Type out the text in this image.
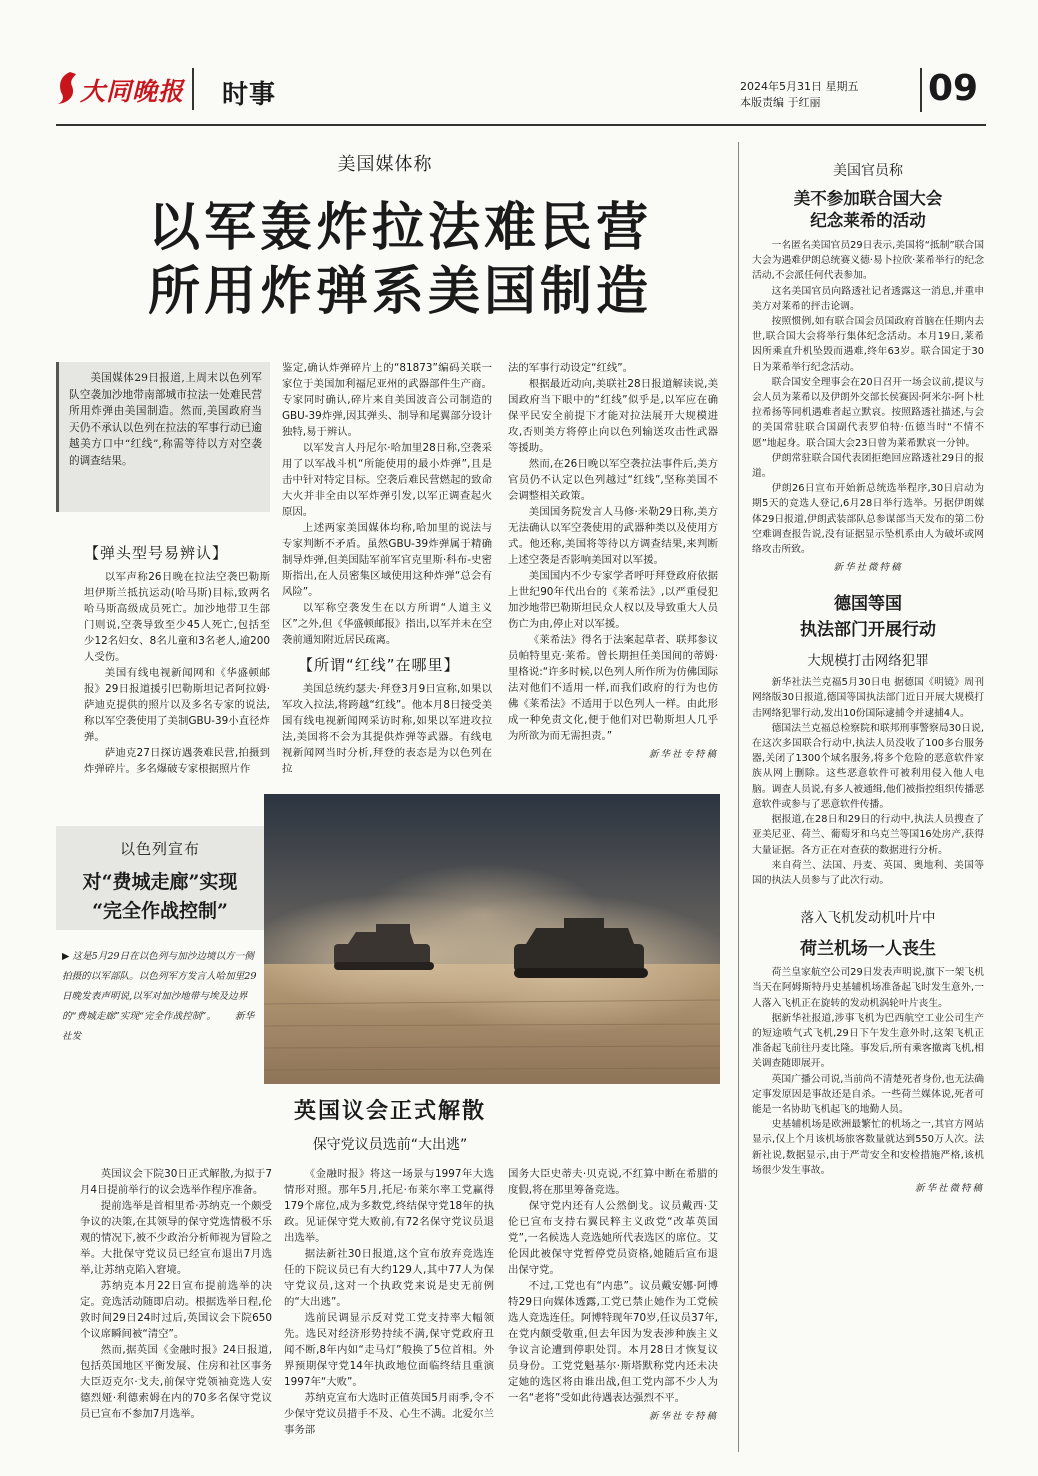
大同晚报 时事	2024年5月31日 星期五
本版责编 于红丽	09
美国媒体称
以军轰炸拉法难民营
所用炸弹系美国制造

美国媒体29日报道,上周末以色列军队空袭加沙地带南部城市拉法一处难民营所用炸弹由美国制造。然而,美国政府当天仍不承认以色列在拉法的军事行动已逾越美方口中“红线”,称需等待以方对空袭的调查结果。

【弹头型号易辨认】

以军声称26日晚在拉法空袭巴勒斯坦伊斯兰抵抗运动(哈马斯)目标,致两名哈马斯高级成员死亡。加沙地带卫生部门则说,空袭导致至少45人死亡,包括至少12名妇女、8名儿童和3名老人,逾200人受伤。

美国有线电视新闻网和《华盛顿邮报》29日报道援引巴勒斯坦记者阿拉姆·萨迪克提供的照片以及多名专家的说法,称以军空袭使用了美制GBU-39小直径炸弹。

萨迪克27日探访遇袭难民营,拍摄到炸弹碎片。多名爆破专家根据照片作

鉴定,确认炸弹碎片上的“81873”编码关联一家位于美国加利福尼亚州的武器部件生产商。专家同时确认,碎片来自美国波音公司制造的GBU-39炸弹,因其弹头、制导和尾翼部分设计独特,易于辨认。

以军发言人丹尼尔·哈加里28日称,空袭采用了以军战斗机“所能使用的最小炸弹”,且是击中针对特定目标。空袭后难民营燃起的致命大火并非全由以军炸弹引发,以军正调查起火原因。

上述两家美国媒体均称,哈加里的说法与专家判断不矛盾。虽然GBU-39炸弹属于精确制导炸弹,但美国陆军前军官克里斯·科布-史密斯指出,在人员密集区域使用这种炸弹“总会有风险”。

以军称空袭发生在以方所谓“人道主义区”之外,但《华盛顿邮报》指出,以军并未在空袭前通知附近居民疏离。

【所谓“红线”在哪里】

美国总统约瑟夫·拜登3月9日宣称,如果以军攻入拉法,将跨越“红线”。他本月8日接受美国有线电视新闻网采访时称,如果以军进攻拉法,美国将不会为其提供炸弹等武器。有线电视新闻网当时分析,拜登的表态是为以色列在拉

法的军事行动设定“红线”。

根据最近动向,美联社28日报道解读说,美国政府当下眼中的“红线”似乎是,以军应在确保平民安全前提下才能对拉法展开大规模进攻,否则美方将停止向以色列输送攻击性武器等援助。

然而,在26日晚以军空袭拉法事件后,美方官员仍不认定以色列越过“红线”,坚称美国不会调整相关政策。

美国国务院发言人马修·米勒29日称,美方无法确认以军空袭使用的武器种类以及使用方式。他还称,美国将等待以方调查结果,来判断上述空袭是否影响美国对以军援。

美国国内不少专家学者呼吁拜登政府依据上世纪90年代出台的《莱希法》,以严重侵犯加沙地带巴勒斯坦民众人权以及导致重大人员伤亡为由,停止对以军援。

《莱希法》得名于法案起草者、联邦参议员帕特里克·莱希。曾长期担任美国间的蒂姆·里格说:“许多时候,以色列人所作所为仿佛国际法对他们不适用一样,而我们政府的行为也仿佛《莱希法》不适用于以色列人一样。由此形成一种免责文化,便于他们对巴勒斯坦人几乎为所欲为而无需担责。”

新华社专特稿
以色列宣布
对“费城走廊”实现
“完全作战控制”
▶ 这是5月29日在以色列与加沙边境以方一侧拍摄的以军部队。以色列军方发言人哈加里29日晚发表声明说,以军对加沙地带与埃及边界的“费城走廊”实现“完全作战控制”。 新华社发
英国议会正式解散
保守党议员选前“大出逃”

英国议会下院30日正式解散,为拟于7月4日提前举行的议会选举作程序准备。

提前选举是首相里希·苏纳克一个颇受争议的决策,在其领导的保守党选情极不乐观的情况下,被不少政治分析师视为冒险之举。大批保守党议员已经宣布退出7月选举,让苏纳克陷入窘境。

苏纳克本月22日宣布提前选举的决定。竞选活动随即启动。根据选举日程,伦敦时间29日24时过后,英国议会下院650个议席瞬间被“清空”。

然而,据英国《金融时报》24日报道,包括英国地区平衡发展、住房和社区事务大臣迈克尔·戈夫,前保守党领袖竞选人安德烈娅·利德索姆在内的70多名保守党议员已宣布不参加7月选举。

《金融时报》将这一场景与1997年大选情形对照。那年5月,托尼·布莱尔率工党赢得179个席位,成为多数党,终结保守党18年的执政。见证保守党大败前,有72名保守党议员退出选举。

据法新社30日报道,这个宣布放弃竞选连任的下院议员已有大约129人,其中77人为保守党议员,这对一个执政党来说是史无前例的“大出逃”。

选前民调显示反对党工党支持率大幅领先。选民对经济形势持续不满,保守党政府丑闻不断,8年内如“走马灯”般换了5位首相。外界预期保守党14年执政地位面临终结且重演1997年“大败”。

苏纳克宣布大选时正值英国5月雨季,令不少保守党议员措手不及、心生不满。北爱尔兰事务部

国务大臣史蒂夫·贝克说,不红算中断在希腊的度假,将在那里筹备竞选。

保守党内还有人公然倒戈。议员戴西·艾伦已宣布支持右翼民粹主义政党“改革英国党”,一名候选人竞选她所代表选区的席位。艾伦因此被保守党暂停党员资格,她随后宣布退出保守党。

不过,工党也有“内患”。议员戴安娜·阿博特29日向媒体透露,工党已禁止她作为工党候选人竞选连任。阿博特现年70岁,任议员37年,在党内颇受敬重,但去年因为发表涉种族主义争议言论遭到停职处罚。本月28日才恢复议员身份。工党党魁基尔·斯塔默称党内还未决定她的选区将由谁出战,但工党内部不少人为一名“老将”受如此待遇表达强烈不平。

新华社专特稿
美国官员称
美不参加联合国大会
纪念莱希的活动

一名匿名美国官员29日表示,美国将“抵制”联合国大会为遇难伊朗总统赛义德·易卜拉欣·莱希举行的纪念活动,不会派任何代表参加。

这名美国官员向路透社记者透露这一消息,并重申美方对莱希的抨击论调。

按照惯例,如有联合国会员国政府首脑在任期内去世,联合国大会将举行集体纪念活动。本月19日,莱希因所乘直升机坠毁而遇难,终年63岁。联合国定于30日为莱希举行纪念活动。

联合国安全理事会在20日召开一场会议前,提议与会人员为莱希以及伊朗外交部长侯赛因·阿米尔-阿卜杜拉希扬等同机遇难者起立默哀。按照路透社描述,与会的美国常驻联合国副代表罗伯特·伍德当时“不情不愿”地起身。联合国大会23日曾为莱希默哀一分钟。

伊朗常驻联合国代表团拒绝回应路透社29日的报道。

伊朗26日宣布开始新总统选举程序,30日启动为期5天的竞选人登记,6月28日举行选举。另据伊朗媒体29日报道,伊朗武装部队总参谋部当天发布的第二份空难调查报告说,没有证据显示坠机系由人为破坏或网络攻击所致。

新华社微特稿
德国等国
执法部门开展行动
大规模打击网络犯罪

新华社法兰克福5月30日电 据德国《明镜》周刊网络版30日报道,德国等国执法部门近日开展大规模打击网络犯罪行动,发出10份国际逮捕令并逮捕4人。

德国法兰克福总检察院和联邦刑事警察局30日说,在这次多国联合行动中,执法人员没收了100多台服务器,关闭了1300个域名服务,将多个危险的恶意软件家族从网上删除。这些恶意软件可被利用侵入他人电脑。调查人员说,有多人被通缉,他们被指控组织传播恶意软件或参与了恶意软件传播。

据报道,在28日和29日的行动中,执法人员搜查了亚美尼亚、荷兰、葡萄牙和乌克兰等国16处房产,获得大量证据。各方正在对查获的数据进行分析。

来自荷兰、法国、丹麦、英国、奥地利、美国等国的执法人员参与了此次行动。

落入飞机发动机叶片中
荷兰机场一人丧生

荷兰皇家航空公司29日发表声明说,旗下一架飞机当天在阿姆斯特丹史基辅机场准备起飞时发生意外,一人落入飞机正在旋转的发动机涡轮叶片丧生。

据新华社报道,涉事飞机为巴西航空工业公司生产的短途喷气式飞机,29日下午发生意外时,这架飞机正准备起飞前往丹麦比隆。事发后,所有乘客撤离飞机,相关调查随即展开。

英国广播公司说,当前尚不清楚死者身份,也无法确定事发原因是事故还是自杀。一些荷兰媒体说,死者可能是一名协助飞机起飞的地勤人员。

史基辅机场是欧洲最繁忙的机场之一,其官方网站显示,仅上个月该机场旅客数量就达到550万人次。法新社说,数据显示,由于严苛安全和安检措施严格,该机场很少发生事故。

新华社微特稿
